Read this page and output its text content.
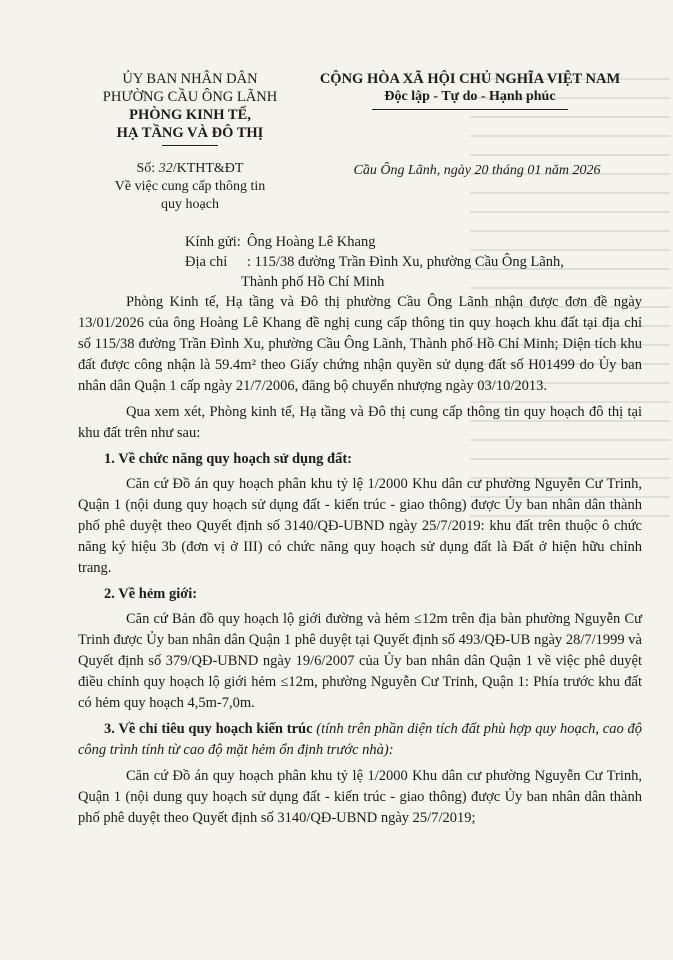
ỦY BAN NHÂN DÂN
PHƯỜNG CẦU ÔNG LÃNH
PHÒNG KINH TẾ,
HẠ TẦNG VÀ ĐÔ THỊ
CỘNG HÒA XÃ HỘI CHỦ NGHĨA VIỆT NAM
Độc lập - Tự do - Hạnh phúc
Số: 32/KTHT&ĐT
Về việc cung cấp thông tin
quy hoạch
Cầu Ông Lãnh, ngày 20 tháng 01 năm 2026
Kính gửi: Ông Hoàng Lê Khang
Địa chỉ	: 115/38 đường Trần Đình Xu, phường Cầu Ông Lãnh,
Thành phố Hồ Chí Minh

Phòng Kinh tế, Hạ tầng và Đô thị phường Cầu Ông Lãnh nhận được đơn đề ngày 13/01/2026 của ông Hoàng Lê Khang đề nghị cung cấp thông tin quy hoạch khu đất tại địa chỉ số 115/38 đường Trần Đình Xu, phường Cầu Ông Lãnh, Thành phố Hồ Chí Minh; Diện tích khu đất được công nhận là 59.4m² theo Giấy chứng nhận quyền sử dụng đất số H01499 do Ủy ban nhân dân Quận 1 cấp ngày 21/7/2006, đăng bộ chuyển nhượng ngày 03/10/2013.

Qua xem xét, Phòng kinh tế, Hạ tầng và Đô thị cung cấp thông tin quy hoạch đô thị tại khu đất trên như sau:

1. Về chức năng quy hoạch sử dụng đất:

Căn cứ Đồ án quy hoạch phân khu tỷ lệ 1/2000 Khu dân cư phường Nguyễn Cư Trinh, Quận 1 (nội dung quy hoạch sử dụng đất - kiến trúc - giao thông) được Ủy ban nhân dân thành phố phê duyệt theo Quyết định số 3140/QĐ-UBND ngày 25/7/2019: khu đất trên thuộc ô chức năng ký hiệu 3b (đơn vị ở III) có chức năng quy hoạch sử dụng đất là Đất ở hiện hữu chỉnh trang.

2. Về hẻm giới:

Căn cứ Bản đồ quy hoạch lộ giới đường và hẻm ≤12m trên địa bàn phường Nguyễn Cư Trinh được Ủy ban nhân dân Quận 1 phê duyệt tại Quyết định số 493/QĐ-UB ngày 28/7/1999 và Quyết định số 379/QĐ-UBND ngày 19/6/2007 của Ủy ban nhân dân Quận 1 về việc phê duyệt điều chỉnh quy hoạch lộ giới hẻm ≤12m, phường Nguyễn Cư Trinh, Quận 1: Phía trước khu đất có hẻm quy hoạch 4,5m-7,0m.

3. Về chỉ tiêu quy hoạch kiến trúc (tính trên phần diện tích đất phù hợp quy hoạch, cao độ công trình tính từ cao độ mặt hẻm ổn định trước nhà):

Căn cứ Đồ án quy hoạch phân khu tỷ lệ 1/2000 Khu dân cư phường Nguyễn Cư Trinh, Quận 1 (nội dung quy hoạch sử dụng đất - kiến trúc - giao thông) được Ủy ban nhân dân thành phố phê duyệt theo Quyết định số 3140/QĐ-UBND ngày 25/7/2019;
